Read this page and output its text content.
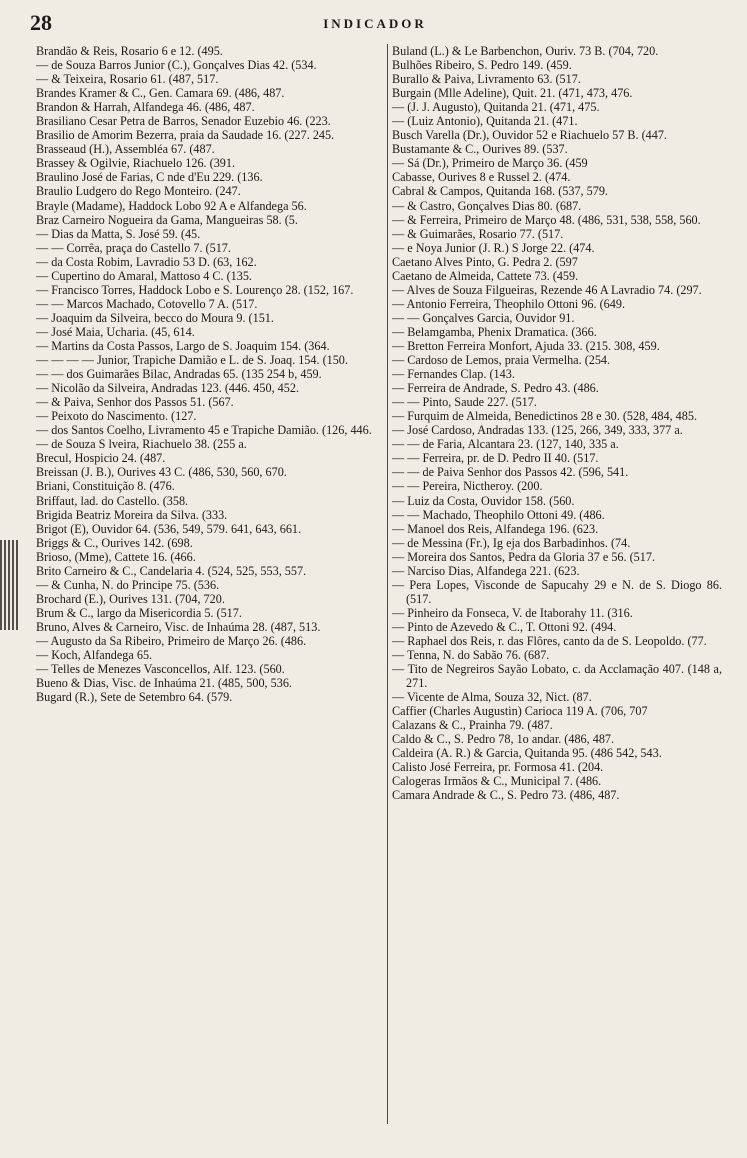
28	INDICADOR

Brandão & Reis, Rosario 6 e 12. (495.

— de Souza Barros Junior (C.), Gonçalves Dias 42. (534.

— & Teixeira, Rosario 61. (487, 517.

Brandes Kramer & C., Gen. Camara 69. (486, 487.

Brandon & Harrah, Alfandega 46. (486, 487.

Brasiliano Cesar Petra de Barros, Senador Euzebio 46. (223.

Brasilio de Amorim Bezerra, praia da Saudade 16. (227. 245.

Brasseaud (H.), Assembléa 67. (487.

Brassey & Ogilvie, Riachuelo 126. (391.

Braulino José de Farias, C nde d'Eu 229. (136.

Braulio Ludgero do Rego Monteiro. (247.

Brayle (Madame), Haddock Lobo 92 A e Alfandega 56.

Braz Carneiro Nogueira da Gama, Mangueiras 58. (5.

— Dias da Matta, S. José 59. (45.

— — Corrêa, praça do Castello 7. (517.

— da Costa Robim, Lavradio 53 D. (63, 162.

— Cupertino do Amaral, Mattoso 4 C. (135.

— Francisco Torres, Haddock Lobo e S. Lourenço 28. (152, 167.

— — Marcos Machado, Cotovello 7 A. (517.

— Joaquim da Silveira, becco do Moura 9. (151.

— José Maia, Ucharia. (45, 614.

— Martins da Costa Passos, Largo de S. Joaquim 154. (364.

— — — — Junior, Trapiche Damião e L. de S. Joaq. 154. (150.

— — dos Guimarães Bilac, Andradas 65. (135 254 b, 459.

— Nicolão da Silveira, Andradas 123. (446. 450, 452.

— & Paiva, Senhor dos Passos 51. (567.

— Peixoto do Nascimento. (127.

— dos Santos Coelho, Livramento 45 e Trapiche Damião. (126, 446.

— de Souza S lveira, Riachuelo 38. (255 a.

Brecul, Hospicio 24. (487.

Breissan (J. B.), Ourives 43 C. (486, 530, 560, 670.

Briani, Constituição 8. (476.

Briffaut, lad. do Castello. (358.

Brigida Beatriz Moreira da Silva. (333.

Brigot (E), Ouvidor 64. (536, 549, 579. 641, 643, 661.

Briggs & C., Ourives 142. (698.

Brioso, (Mme), Cattete 16. (466.

Brito Carneiro & C., Candelaria 4. (524, 525, 553, 557.

— & Cunha, N. do Principe 75. (536.

Brochard (E.), Ourives 131. (704, 720.

Brum & C., largo da Misericordia 5. (517.

Bruno, Alves & Carneiro, Visc. de Inhaúma 28. (487, 513.

— Augusto da Sa Ribeiro, Primeiro de Março 26. (486.

— Koch, Alfandega 65.

— Telles de Menezes Vasconcellos, Alf. 123. (560.

Bueno & Dias, Visc. de Inhaúma 21. (485, 500, 536.

Bugard (R.), Sete de Setembro 64. (579.

Buland (L.) & Le Barbenchon, Ouriv. 73 B. (704, 720.

Bulhões Ribeiro, S. Pedro 149. (459.

Burallo & Paiva, Livramento 63. (517.

Burgain (Mlle Adeline), Quit. 21. (471, 473, 476.

— (J. J. Augusto), Quitanda 21. (471, 475.

— (Luiz Antonio), Quitanda 21. (471.

Busch Varella (Dr.), Ouvidor 52 e Riachuelo 57 B. (447.

Bustamante & C., Ourives 89. (537.

— Sá (Dr.), Primeiro de Março 36. (459

Cabasse, Ourives 8 e Russel 2. (474.

Cabral & Campos, Quitanda 168. (537, 579.

— & Castro, Gonçalves Dias 80. (687.

— & Ferreira, Primeiro de Março 48. (486, 531, 538, 558, 560.

— & Guimarães, Rosario 77. (517.

— e Noya Junior (J. R.) S Jorge 22. (474.

Caetano Alves Pinto, G. Pedra 2. (597

Caetano de Almeida, Cattete 73. (459.

— Alves de Souza Filgueiras, Rezende 46 A Lavradio 74. (297.

— Antonio Ferreira, Theophilo Ottoni 96. (649.

— — Gonçalves Garcia, Ouvidor 91.

— Belamgamba, Phenix Dramatica. (366.

— Bretton Ferreira Monfort, Ajuda 33. (215. 308, 459.

— Cardoso de Lemos, praia Vermelha. (254.

— Fernandes Clap. (143.

— Ferreira de Andrade, S. Pedro 43. (486.

— — Pinto, Saude 227. (517.

— Furquim de Almeida, Benedictinos 28 e 30. (528, 484, 485.

— José Cardoso, Andradas 133. (125, 266, 349, 333, 377 a.

— — de Faria, Alcantara 23. (127, 140, 335 a.

— — Ferreira, pr. de D. Pedro II 40. (517.

— — de Paiva Senhor dos Passos 42. (596, 541.

— — Pereira, Nictheroy. (200.

— Luiz da Costa, Ouvidor 158. (560.

— — Machado, Theophilo Ottoni 49. (486.

— Manoel dos Reis, Alfandega 196. (623.

— de Messina (Fr.), Ig eja dos Barbadinhos. (74.

— Moreira dos Santos, Pedra da Gloria 37 e 56. (517.

— Narciso Dias, Alfandega 221. (623.

— Pera Lopes, Visconde de Sapucahy 29 e N. de S. Diogo 86. (517.

— Pinheiro da Fonseca, V. de Itaborahy 11. (316.

— Pinto de Azevedo & C., T. Ottoni 92. (494.

— Raphael dos Reis, r. das Flôres, canto da de S. Leopoldo. (77.

— Tenna, N. do Sabão 76. (687.

— Tito de Negreiros Sayão Lobato, c. da Acclamação 407. (148 a, 271.

— Vicente de Alma, Souza 32, Nict. (87.

Caffier (Charles Augustin) Carioca 119 A. (706, 707

Calazans & C., Prainha 79. (487.

Caldo & C., S. Pedro 78, 1o andar. (486, 487.

Caldeira (A. R.) & Garcia, Quitanda 95. (486 542, 543.

Calisto José Ferreira, pr. Formosa 41. (204.

Calogeras Irmãos & C., Municipal 7. (486.

Camara Andrade & C., S. Pedro 73. (486, 487.
